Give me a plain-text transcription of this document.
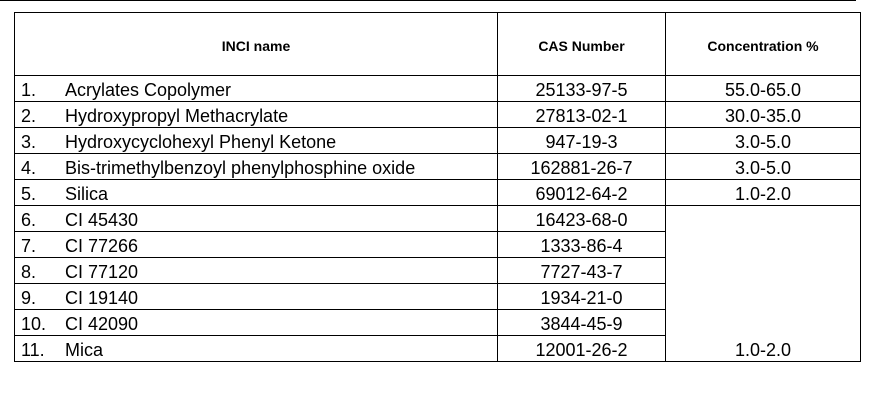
INCI name	CAS Number	Concentration %
1. Acrylates Copolymer	25133-97-5	55.0-65.0
2. Hydroxypropyl Methacrylate	27813-02-1	30.0-35.0
3. Hydroxycyclohexyl Phenyl Ketone	947-19-3	3.0-5.0
4. Bis-trimethylbenzoyl phenylphosphine oxide	162881-26-7	3.0-5.0
5. Silica	69012-64-2	1.0-2.0
6. CI 45430	16423-68-0	1.0-2.0
7. CI 77266	1333-86-4	
8. CI 77120	7727-43-7	
9. CI 19140	1934-21-0	
10. CI 42090	3844-45-9	
11. Mica	12001-26-2	
